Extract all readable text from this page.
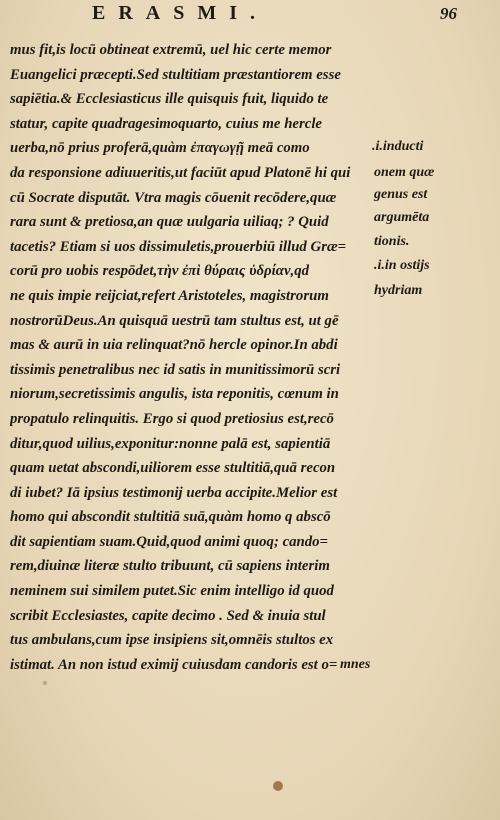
ERASMI.	96
mus fit,is locū obtineat extremū, uel hic certe memor
Euangelici præcepti.Sed stultitiam præstantiorem esse
sapiētia.& Ecclesiasticus ille quisquis fuit, liquido te
statur, capite quadragesimoquarto, cuius me hercle
uerba,nō prius proferā,quàm ἐπαγωγῇ meā como
da responsione adiuueritis,ut faciūt apud Platonē hi qui
cū Socrate disputāt. Vtra magis cōuenit recōdere,quæ
rara sunt & pretiosa,an quæ uulgaria uiliaq; ? Quid
tacetis? Etiam si uos dissimuletis,prouerbiū illud Græ=
corū pro uobis respōdet,τὴν ἐπὶ θύραις ὑδρίαν,qd
ne quis impie reijciat,refert Aristoteles, magistrorum
nostrorūDeus.An quisquā uestrū tam stultus est, ut gē
mas & aurū in uia relinquat?nō hercle opinor.In abdi
tissimis penetralibus nec id satis in munitissimorū scri
niorum,secretissimis angulis, ista reponitis, cœnum in
propatulo relinquitis. Ergo si quod pretiosius est,recō
ditur,quod uilius,exponitur:nonne palā est, sapientiā
quam uetat abscondi,uiliorem esse stultitiā,quā recon
di iubet? Iā ipsius testimonij uerba accipite.Melior est
homo qui abscondit stultitiā suā,quàm homo q abscō
dit sapientiam suam.Quid,quod animi quoq; cando=
rem,diuinæ literæ stulto tribuunt, cū sapiens interim
neminem sui similem putet.Sic enim intelligo id quod
scribit Ecclesiastes, capite decimo . Sed & inuia stul
tus ambulans,cum ipse insipiens sit,omnēis stultos ex
istimat. An non istud eximij cuiusdam candoris est o=
.i.inducti
onem quæ
genus est
argumēta
tionis.
.i.in ostijs
hydriam
mnes
